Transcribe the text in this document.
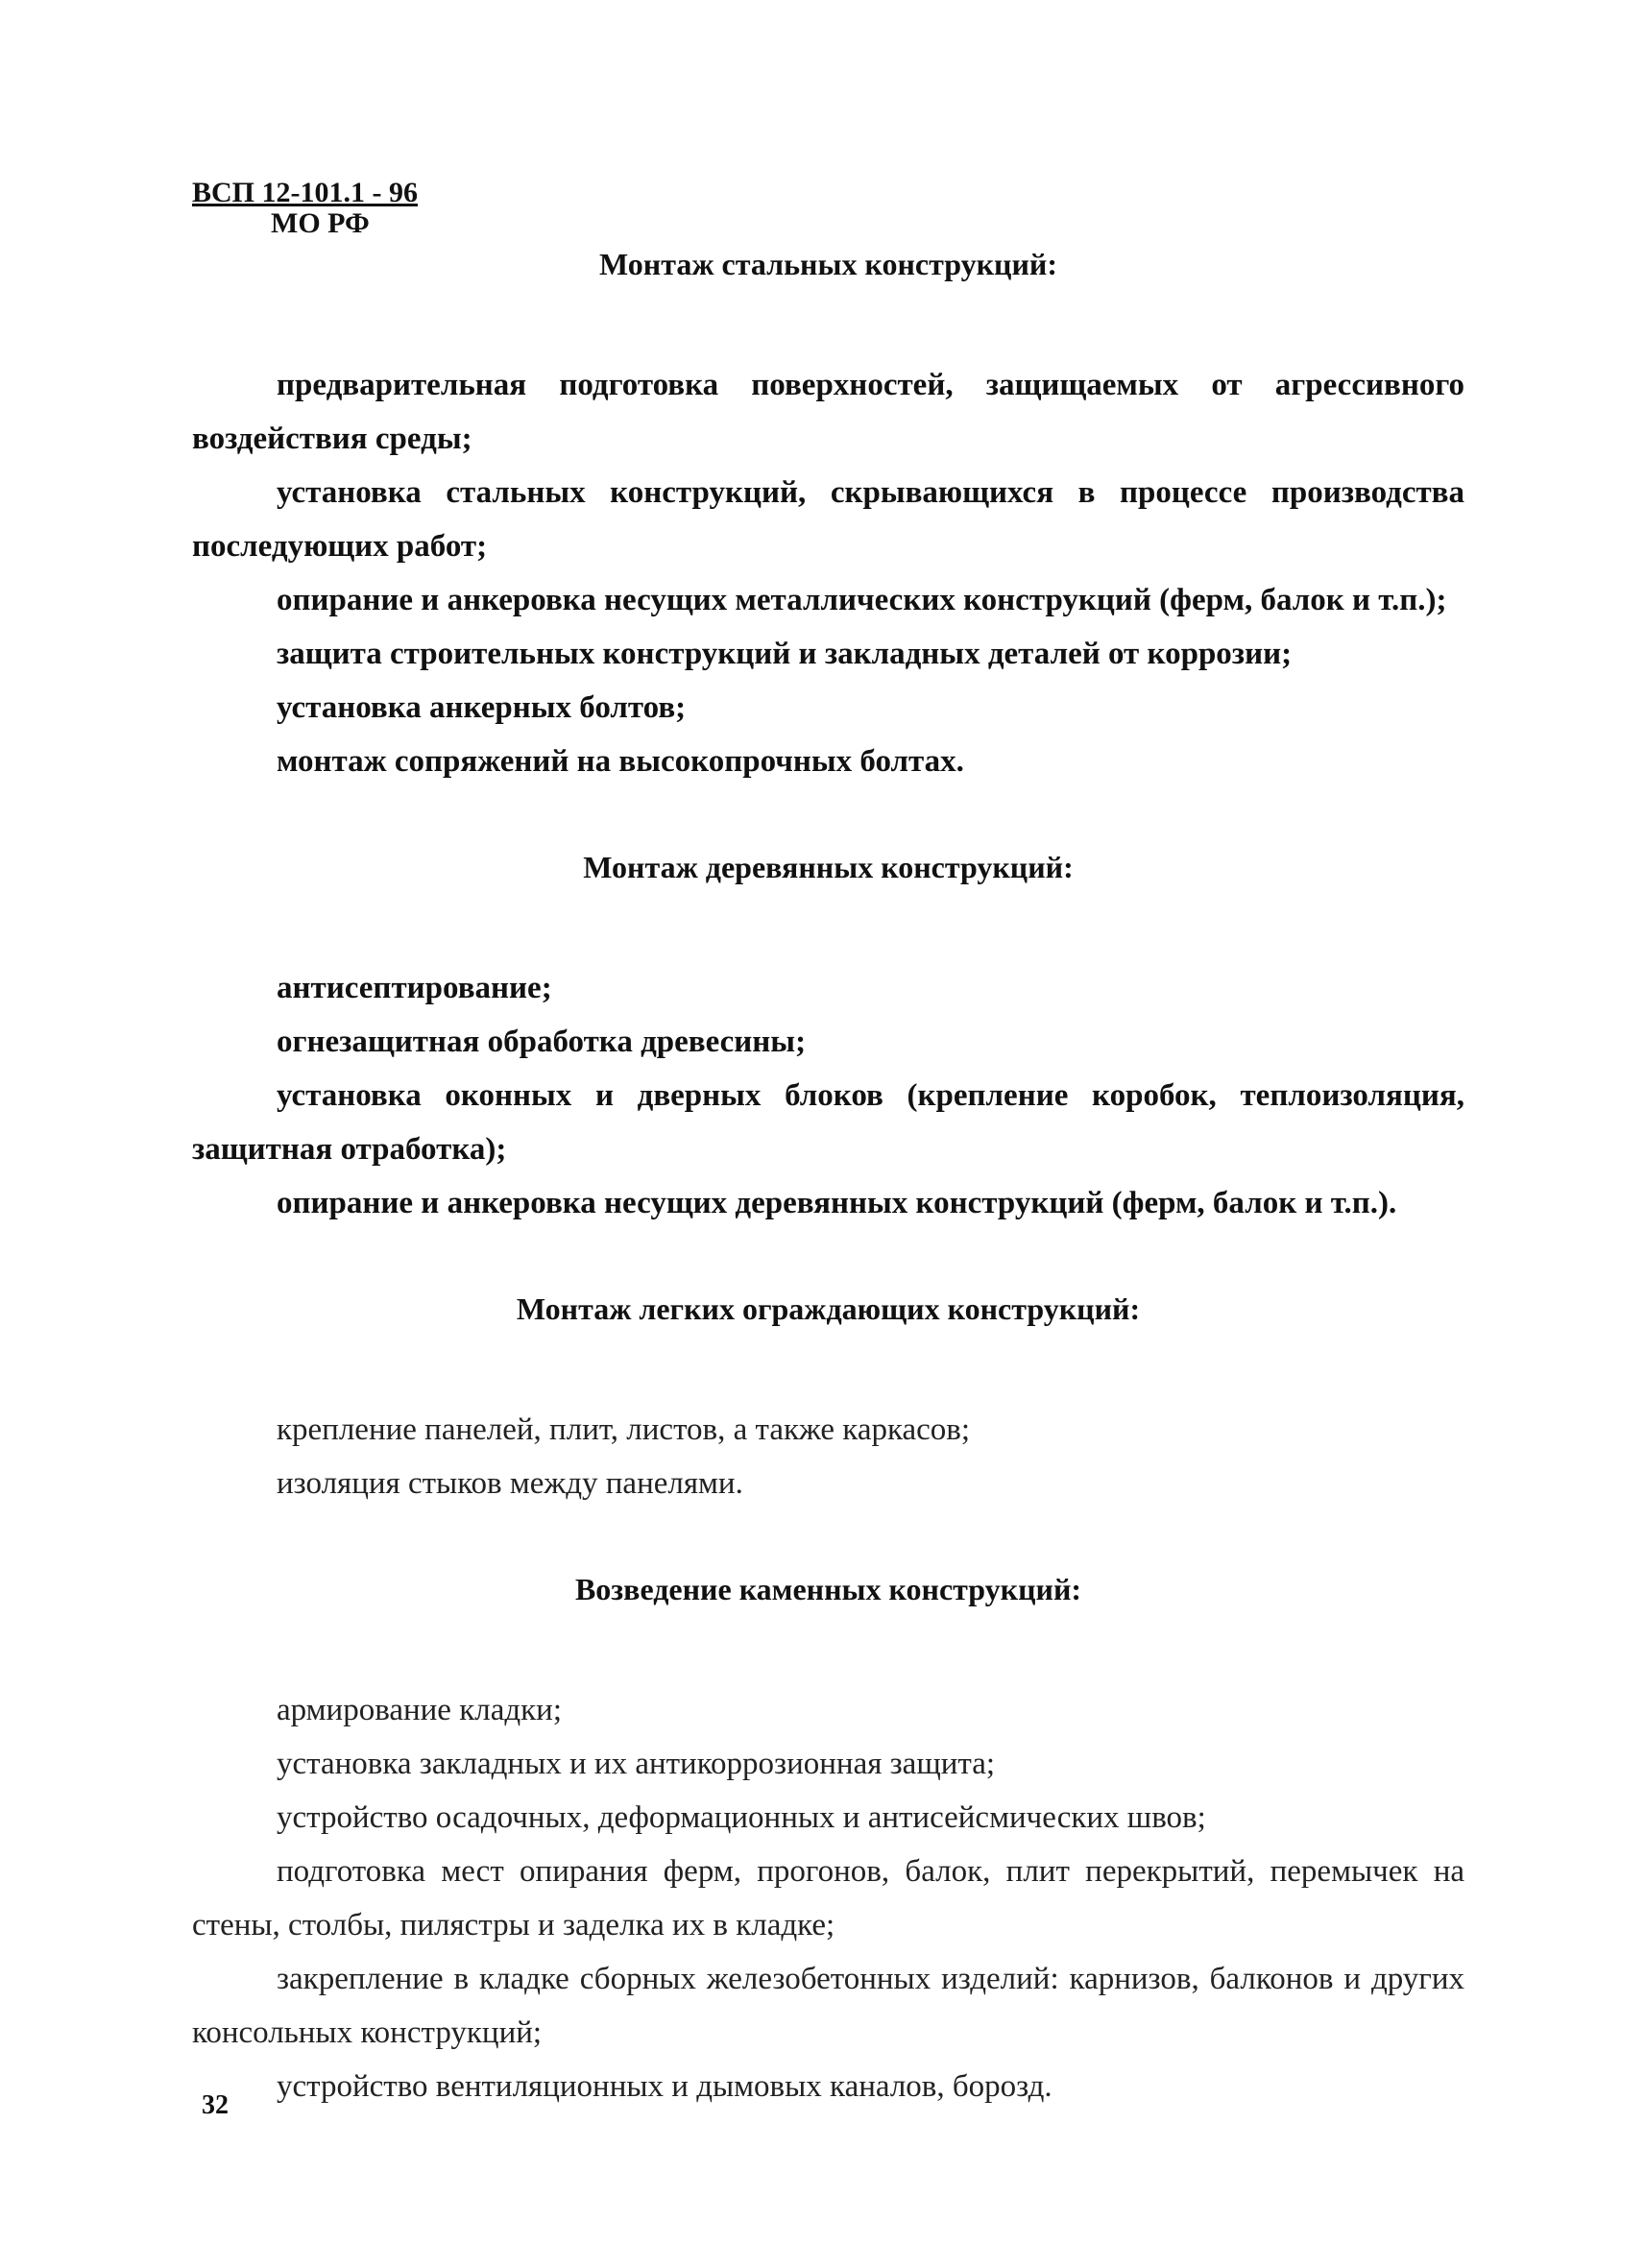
ВСП 12-101.1 - 96
МО РФ

Монтаж стальных конструкций:

предварительная подготовка поверхностей, защищаемых от агрессивного воздействия среды;

установка стальных конструкций, скрывающихся в процессе производства последующих работ;

опирание и анкеровка несущих металлических конструкций (ферм, балок и т.п.);

защита строительных конструкций и закладных деталей от коррозии;

установка анкерных болтов;

монтаж сопряжений на высокопрочных болтах.

Монтаж деревянных конструкций:

антисептирование;

огнезащитная обработка древесины;

установка оконных и дверных блоков (крепление коробок, теплоизоляция, защитная отработка);

опирание и анкеровка несущих деревянных конструкций (ферм, балок и т.п.).

Монтаж легких ограждающих конструкций:

крепление панелей, плит, листов, а также каркасов;

изоляция стыков между панелями.

Возведение каменных конструкций:

армирование кладки;

установка закладных и их антикоррозионная защита;

устройство осадочных, деформационных и антисейсмических швов;

подготовка мест опирания ферм, прогонов, балок, плит перекрытий, перемычек на стены, столбы, пилястры и заделка их в кладке;

закрепление в кладке сборных железобетонных изделий: карнизов, балконов и других консольных конструкций;

устройство вентиляционных и дымовых каналов, борозд.

32
